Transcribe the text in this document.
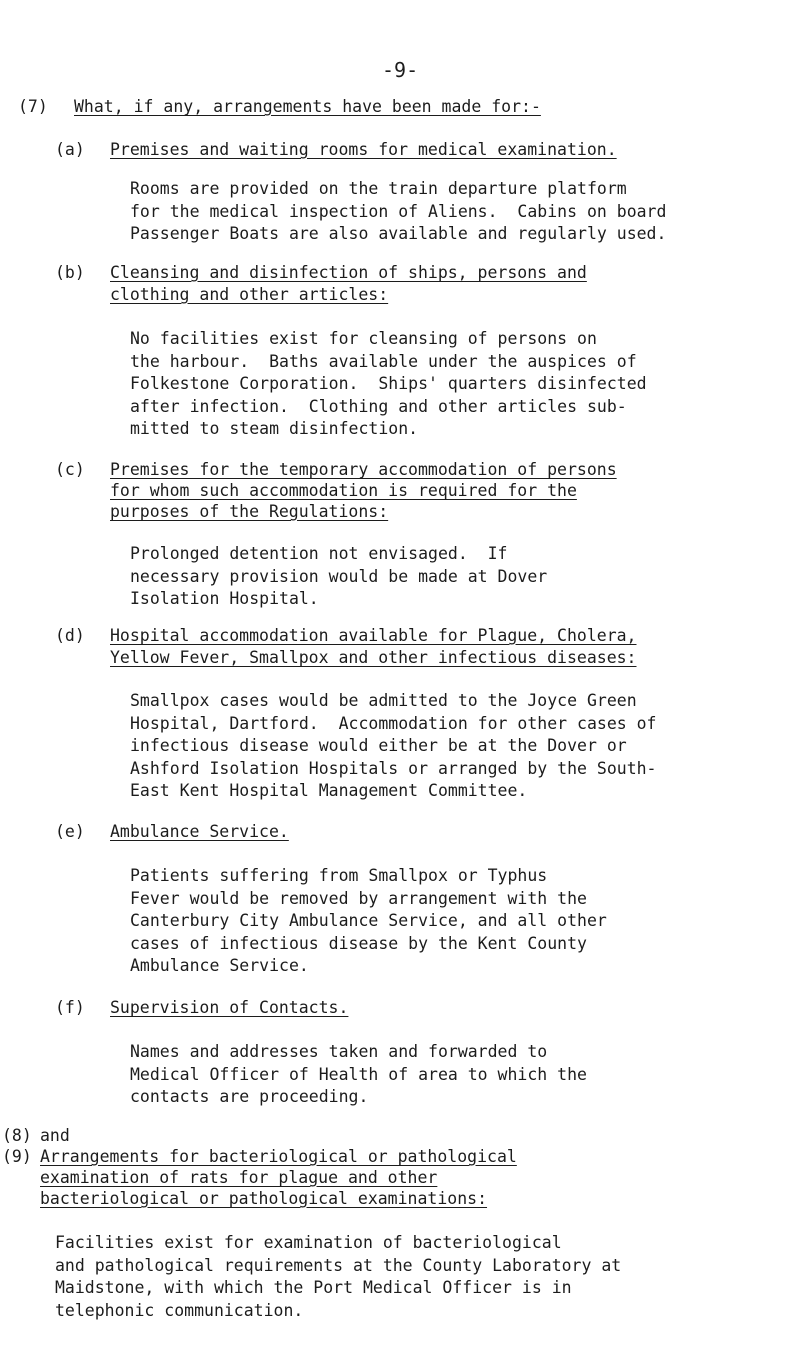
-9-
(7) What, if any, arrangements have been made for:-
(a) Premises and waiting rooms for medical examination.

Rooms are provided on the train departure platform

for the medical inspection of Aliens.  Cabins on board

Passenger Boats are also available and regularly used.

(b) Cleansing and disinfection of ships, persons and
clothing and other articles:

No facilities exist for cleansing of persons on

the harbour.  Baths available under the auspices of

Folkestone Corporation.  Ships' quarters disinfected

after infection.  Clothing and other articles sub-

mitted to steam disinfection.

(c) Premises for the temporary accommodation of persons
for whom such accommodation is required for the
purposes of the Regulations:

Prolonged detention not envisaged.  If

necessary provision would be made at Dover

Isolation Hospital.

(d) Hospital accommodation available for Plague, Cholera,
Yellow Fever, Smallpox and other infectious diseases:

Smallpox cases would be admitted to the Joyce Green

Hospital, Dartford.  Accommodation for other cases of

infectious disease would either be at the Dover or

Ashford Isolation Hospitals or arranged by the South-

East Kent Hospital Management Committee.

(e) Ambulance Service.

Patients suffering from Smallpox or Typhus

Fever would be removed by arrangement with the

Canterbury City Ambulance Service, and all other

cases of infectious disease by the Kent County

Ambulance Service.

(f) Supervision of Contacts.

Names and addresses taken and forwarded to

Medical Officer of Health of area to which the

contacts are proceeding.

(8) and
(9) Arrangements for bacteriological or pathological
examination of rats for plague and other
bacteriological or pathological examinations:

Facilities exist for examination of bacteriological

and pathological requirements at the County Laboratory at

Maidstone, with which the Port Medical Officer is in

telephonic communication.
